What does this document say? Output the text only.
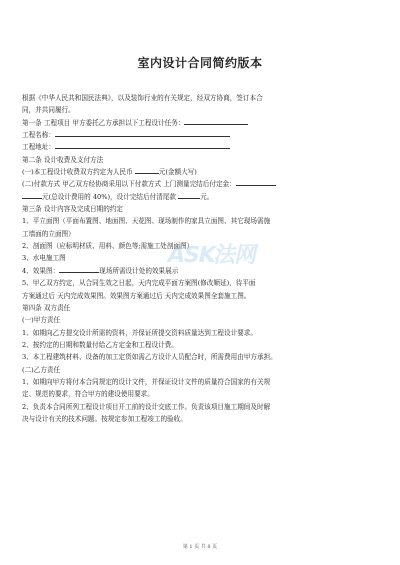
室内设计合同简约版本
ASK法网
根据《中华人民共和国民法典》，以及装饰行业的有关规定，经双方协商，签订本合
同，并共同履行。
第一条 工程项目 甲方委托乙方承担以下工程设计任务：
工程名称：
工程地址：
第二条 设计收费及支付方法
(一)本工程设计收费双方约定为人民币	元(金额大写)
(二)付款方式 甲乙双方经协商采用以下付款方式 上门测量完结后付定金：
元(总设计费用的 40%)，设计完结后付清尾款	元。
第三条 设计内容及完成日期的约定
1、平立面图（平面布置图、地面图、天花图、现场制作的家具立面图、其它现场需施
工墙面的立面图）
2、剖面图（应标明材质、用料、颜色等;需施工处剖面图）
3、水电施工图
4、效果图：	现场所需设计处的效果展示
5、甲乙双方约定，从合同生效之日起，天内完成平面方案图(修改顺延)，待平面
方案通过后 天内完成效果图。效果图方案通过后 天内完成效果图全套施工图。
第四条 双方责任
(一)甲方责任
1、如期向乙方提交设计所需的资料，并保证所提交资料质量达到工程设计要求。
2、按约定的日期和数量付给乙方定金和工程设计费。
3、本工程建筑材料、设备的加工定货如需乙方设计人员配合时，所需费用由甲方承担。
(二)乙方责任
1、如期向甲方将付本合同规定的设计文件，并保证设计文件的质量符合国家的有关规
定、规范的要求，符合甲方的建设使用要求。
2、负责本合同所列工程设计项目开工前的设计交底工作。负责该项目施工期间及时解
决与设计有关的技术问题。按规定参加工程竣工的验收。
第 1 页 共 8 页
